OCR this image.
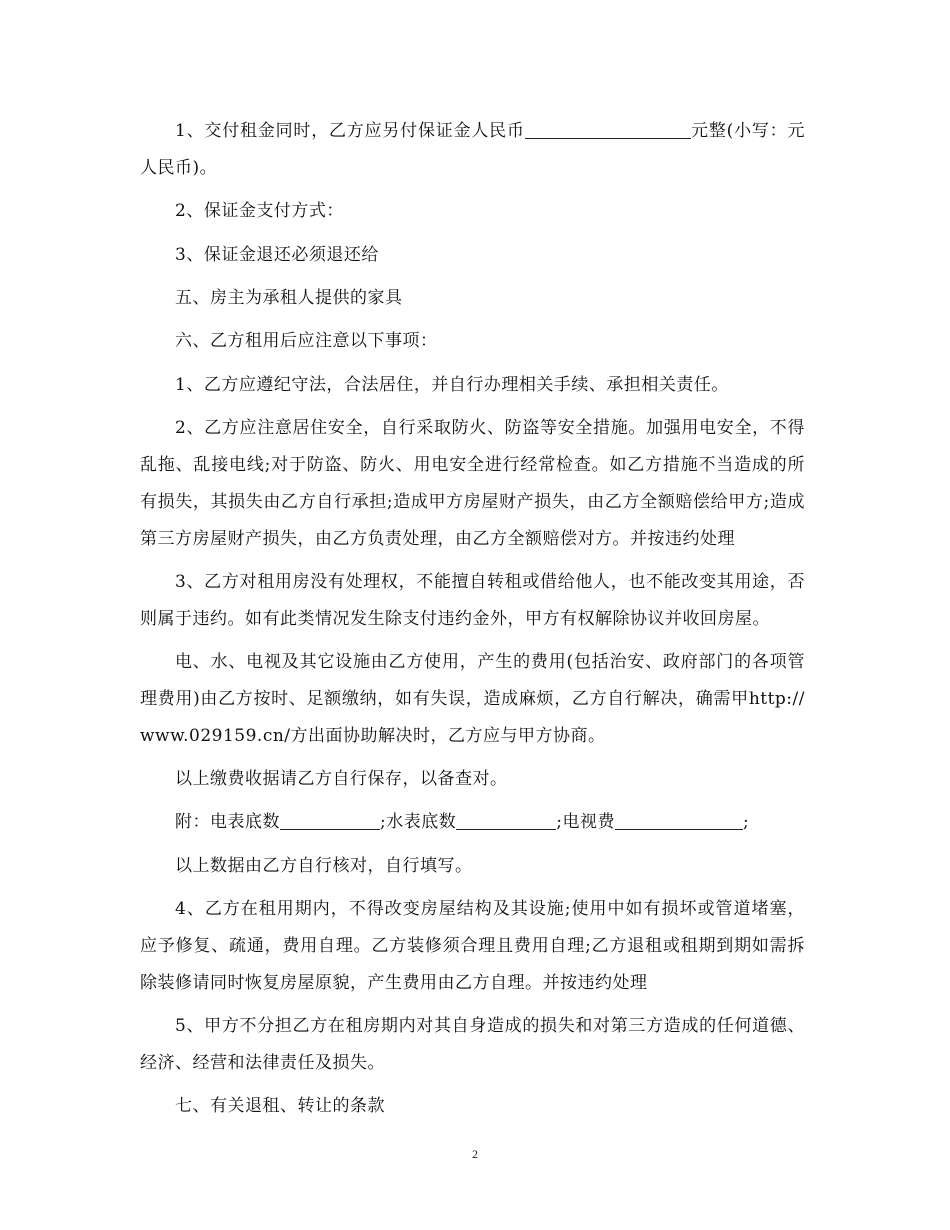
1、交付租金同时，乙方应另付保证金人民币	元整(小写：元人民币)。

2、保证金支付方式：

3、保证金退还必须退还给

五、房主为承租人提供的家具

六、乙方租用后应注意以下事项：

1、乙方应遵纪守法，合法居住，并自行办理相关手续、承担相关责任。

2、乙方应注意居住安全，自行采取防火、防盗等安全措施。加强用电安全，不得乱拖、乱接电线;对于防盗、防火、用电安全进行经常检查。如乙方措施不当造成的所有损失，其损失由乙方自行承担;造成甲方房屋财产损失，由乙方全额赔偿给甲方;造成第三方房屋财产损失，由乙方负责处理，由乙方全额赔偿对方。并按违约处理

3、乙方对租用房没有处理权，不能擅自转租或借给他人，也不能改变其用途，否则属于违约。如有此类情况发生除支付违约金外，甲方有权解除协议并收回房屋。

电、水、电视及其它设施由乙方使用，产生的费用(包括治安、政府部门的各项管理费用)由乙方按时、足额缴纳，如有失误，造成麻烦，乙方自行解决，确需甲http://www.029159.cn/方出面协助解决时，乙方应与甲方协商。

以上缴费收据请乙方自行保存，以备查对。

附：电表底数	;水表底数	;电视费	;

以上数据由乙方自行核对，自行填写。

4、乙方在租用期内，不得改变房屋结构及其设施;使用中如有损坏或管道堵塞，应予修复、疏通，费用自理。乙方装修须合理且费用自理;乙方退租或租期到期如需拆除装修请同时恢复房屋原貌，产生费用由乙方自理。并按违约处理

5、甲方不分担乙方在租房期内对其自身造成的损失和对第三方造成的任何道德、经济、经营和法律责任及损失。

七、有关退租、转让的条款

2
